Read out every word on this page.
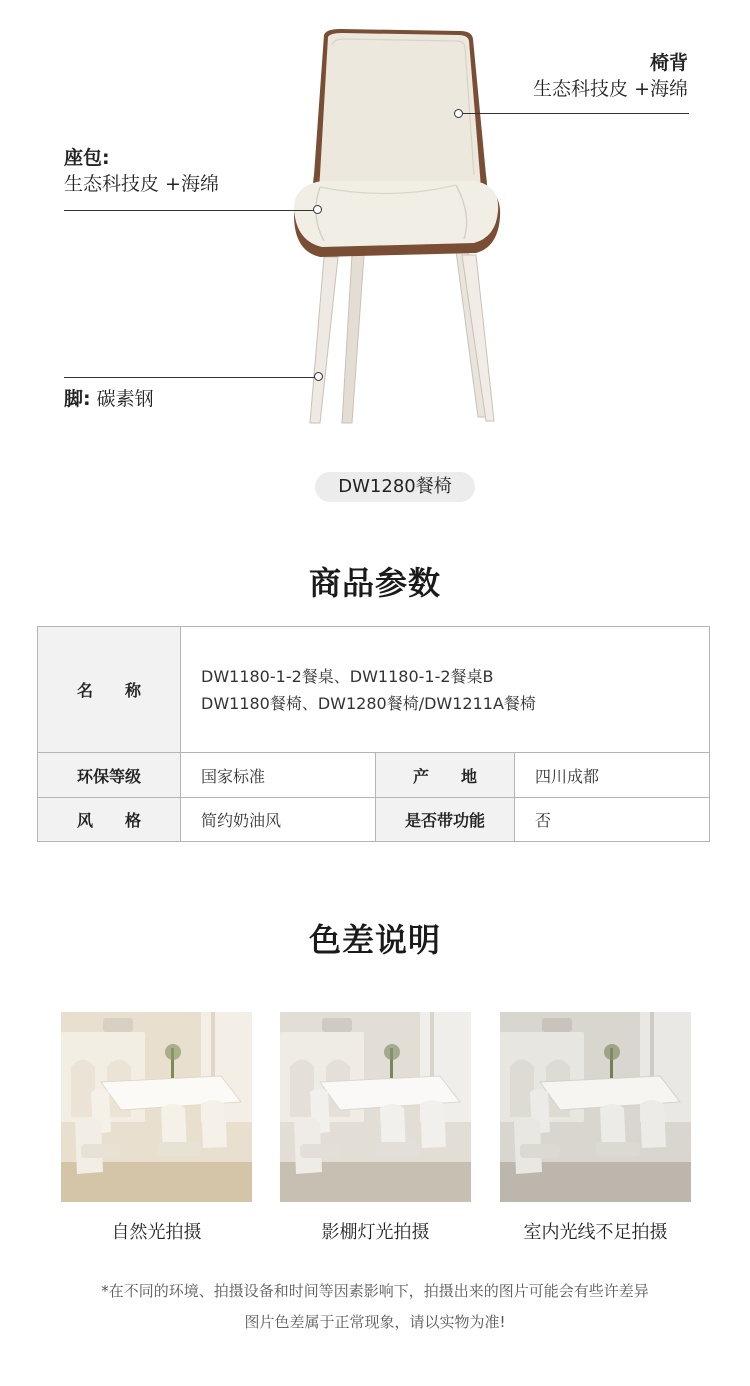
椅背
生态科技皮 +海绵
座包:
生态科技皮 +海绵
脚: 碳素钢
DW1280餐椅
商品参数
名　　称
DW1180-1-2餐桌、DW1180-1-2餐桌B
DW1180餐椅、DW1280餐椅/DW1211A餐椅
环保等级	国家标准	产　　地	四川成都
风　　格	简约奶油风	是否带功能	否
色差说明
自然光拍摄	影棚灯光拍摄	室内光线不足拍摄
*在不同的环境、拍摄设备和时间等因素影响下，拍摄出来的图片可能会有些许差异
图片色差属于正常现象，请以实物为准!
